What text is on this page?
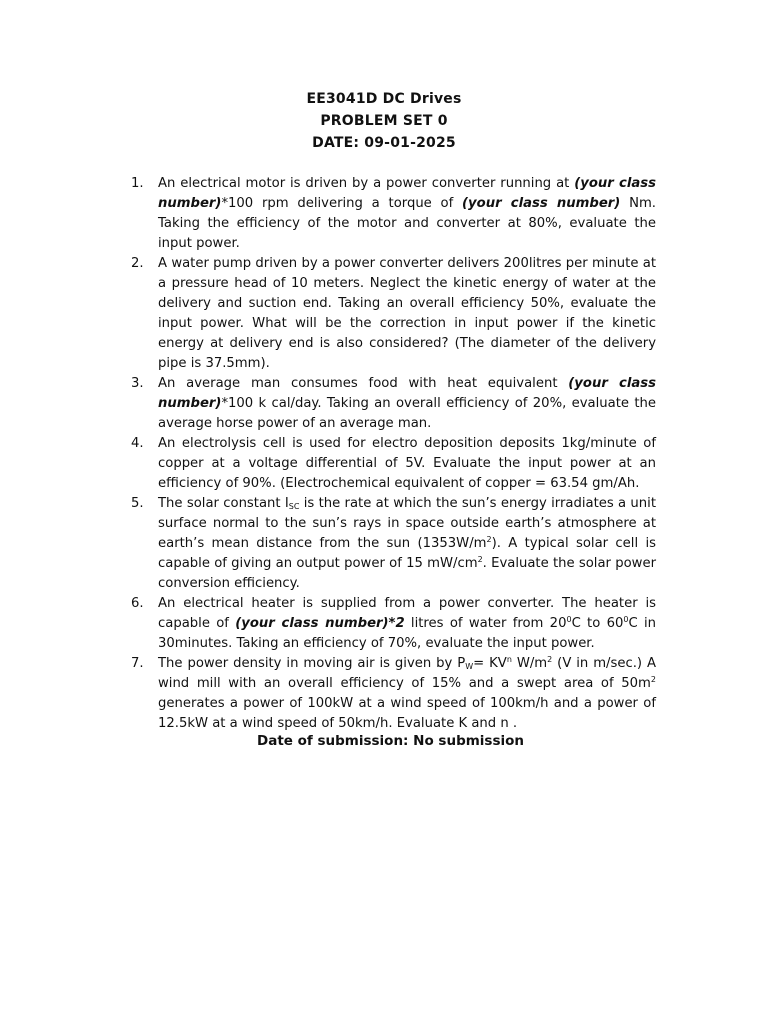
EE3041D DC Drives
PROBLEM SET 0
DATE: 09-01-2025
1. An electrical motor is driven by a power converter running at (your class number)*100 rpm delivering a torque of (your class number) Nm. Taking the efficiency of the motor and converter at 80%, evaluate the input power.
2. A water pump driven by a power converter delivers 200litres per minute at a pressure head of 10 meters. Neglect the kinetic energy of water at the delivery and suction end. Taking an overall efficiency 50%, evaluate the input power. What will be the correction in input power if the kinetic energy at delivery end is also considered? (The diameter of the delivery pipe is 37.5mm).
3. An average man consumes food with heat equivalent (your class number)*100 k cal/day. Taking an overall efficiency of 20%, evaluate the average horse power of an average man.
4. An electrolysis cell is used for electro deposition deposits 1kg/minute of copper at a voltage differential of 5V. Evaluate the input power at an efficiency of 90%. (Electrochemical equivalent of copper = 63.54 gm/Ah.
5. The solar constant $I_{SC}$ is the rate at which the sun’s energy irradiates a unit surface normal to the sun’s rays in space outside earth’s atmosphere at earth’s mean distance from the sun $(1353W/m^2)$. A typical solar cell is capable of giving an output power of 15 $mW/cm^2$. Evaluate the solar power conversion efficiency.
6. An electrical heater is supplied from a power converter. The heater is capable of (your class number)*2 litres of water from $20^0C$ to $60^0C$ in 30minutes. Taking an efficiency of 70%, evaluate the input power.
7. The power density in moving air is given by $P_W= KV^n$ $W/m^2$ (V in m/sec.) A wind mill with an overall efficiency of 15% and a swept area of $50m^2$ generates a power of 100kW at a wind speed of 100km/h and a power of 12.5kW at a wind speed of 50km/h. Evaluate K and n .
Date of submission: No submission
